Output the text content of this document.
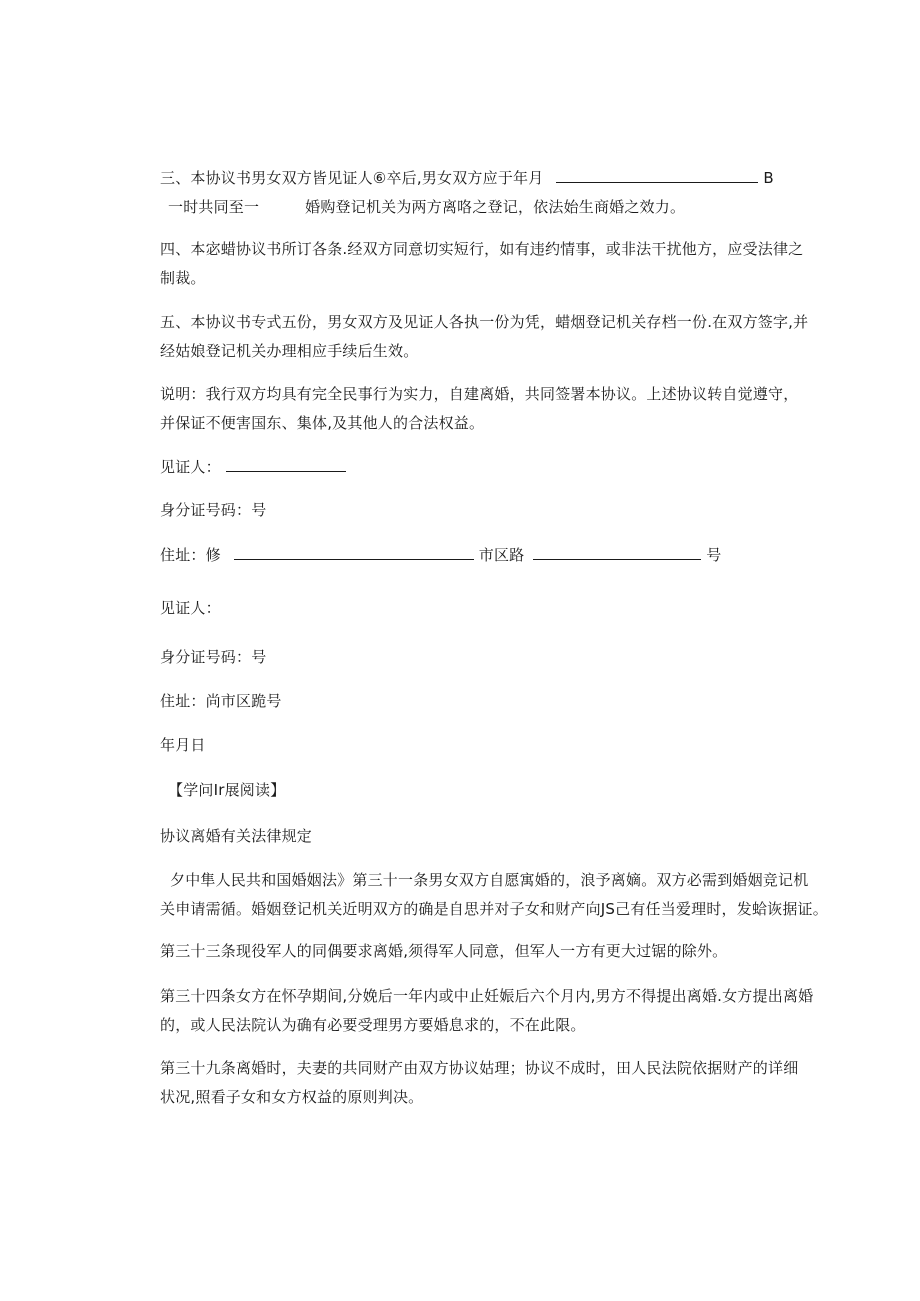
三、本协议书男女双方皆见证人⑥卒后,男女双方应于年月	B
一时共同至一	婚购登记机关为两方离咯之登记，依法始生商婚之效力。
四、本宓蜡协议书所订各条.经双方同意切实短行，如有违约情事，或非法干扰他方，应受法律之
制裁。
五、本协议书专式五份，男女双方及见证人各执一份为凭，蜡烟登记机关存档一份.在双方签字,并
经姑娘登记机关办理相应手续后生效。
说明：我行双方均具有完全民事行为实力，自建离婚，共同签署本协议。上述协议转自觉遵守，
并保证不便害国东、集体,及其他人的合法权益。
见证人：
身分证号码：号
住址：修	市区路	号
见证人：
身分证号码：号
住址：尚市区跪号
年月日
【学问Ir展阅读】
协议离婚有关法律规定
夕中隼人民共和国婚姻法》第三十一条男女双方自愿寓婚的，浪予离嫡。双方必需到婚姻竞记机
关申请需循。婚姻登记机关近明双方的确是自思并对子女和财产向JS己有任当爱理时，发蛤诙据证。
第三十三条现役军人的同偶要求离婚,须得军人同意，但军人一方有更大过锯的除外。
第三十四条女方在怀孕期间,分娩后一年内或中止妊娠后六个月内,男方不得提出离婚.女方提出离婚
的，或人民法院认为确有必要受理男方要婚息求的，不在此限。
第三十九条离婚时，夫妻的共同财产由双方协议姑理；协议不成时，田人民法院依据财产的详细
状况,照看子女和女方权益的原则判决。
